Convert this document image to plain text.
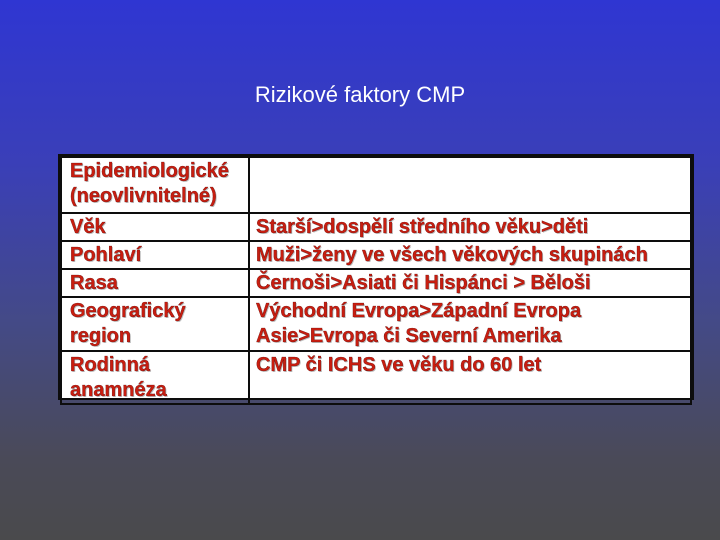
Rizikové faktory CMP
Epidemiologické
(neovlivnitelné)	

Věk	Starší>dospělí středního věku>děti

Pohlaví	Muži>ženy ve všech věkových skupinách

Rasa	Černoši>Asiati či Hispánci > Běloši

Geografický
region	Východní Evropa>Západní Evropa
Asie>Evropa či Severní Amerika

Rodinná
anamnéza	CMP či ICHS ve věku do 60 let
